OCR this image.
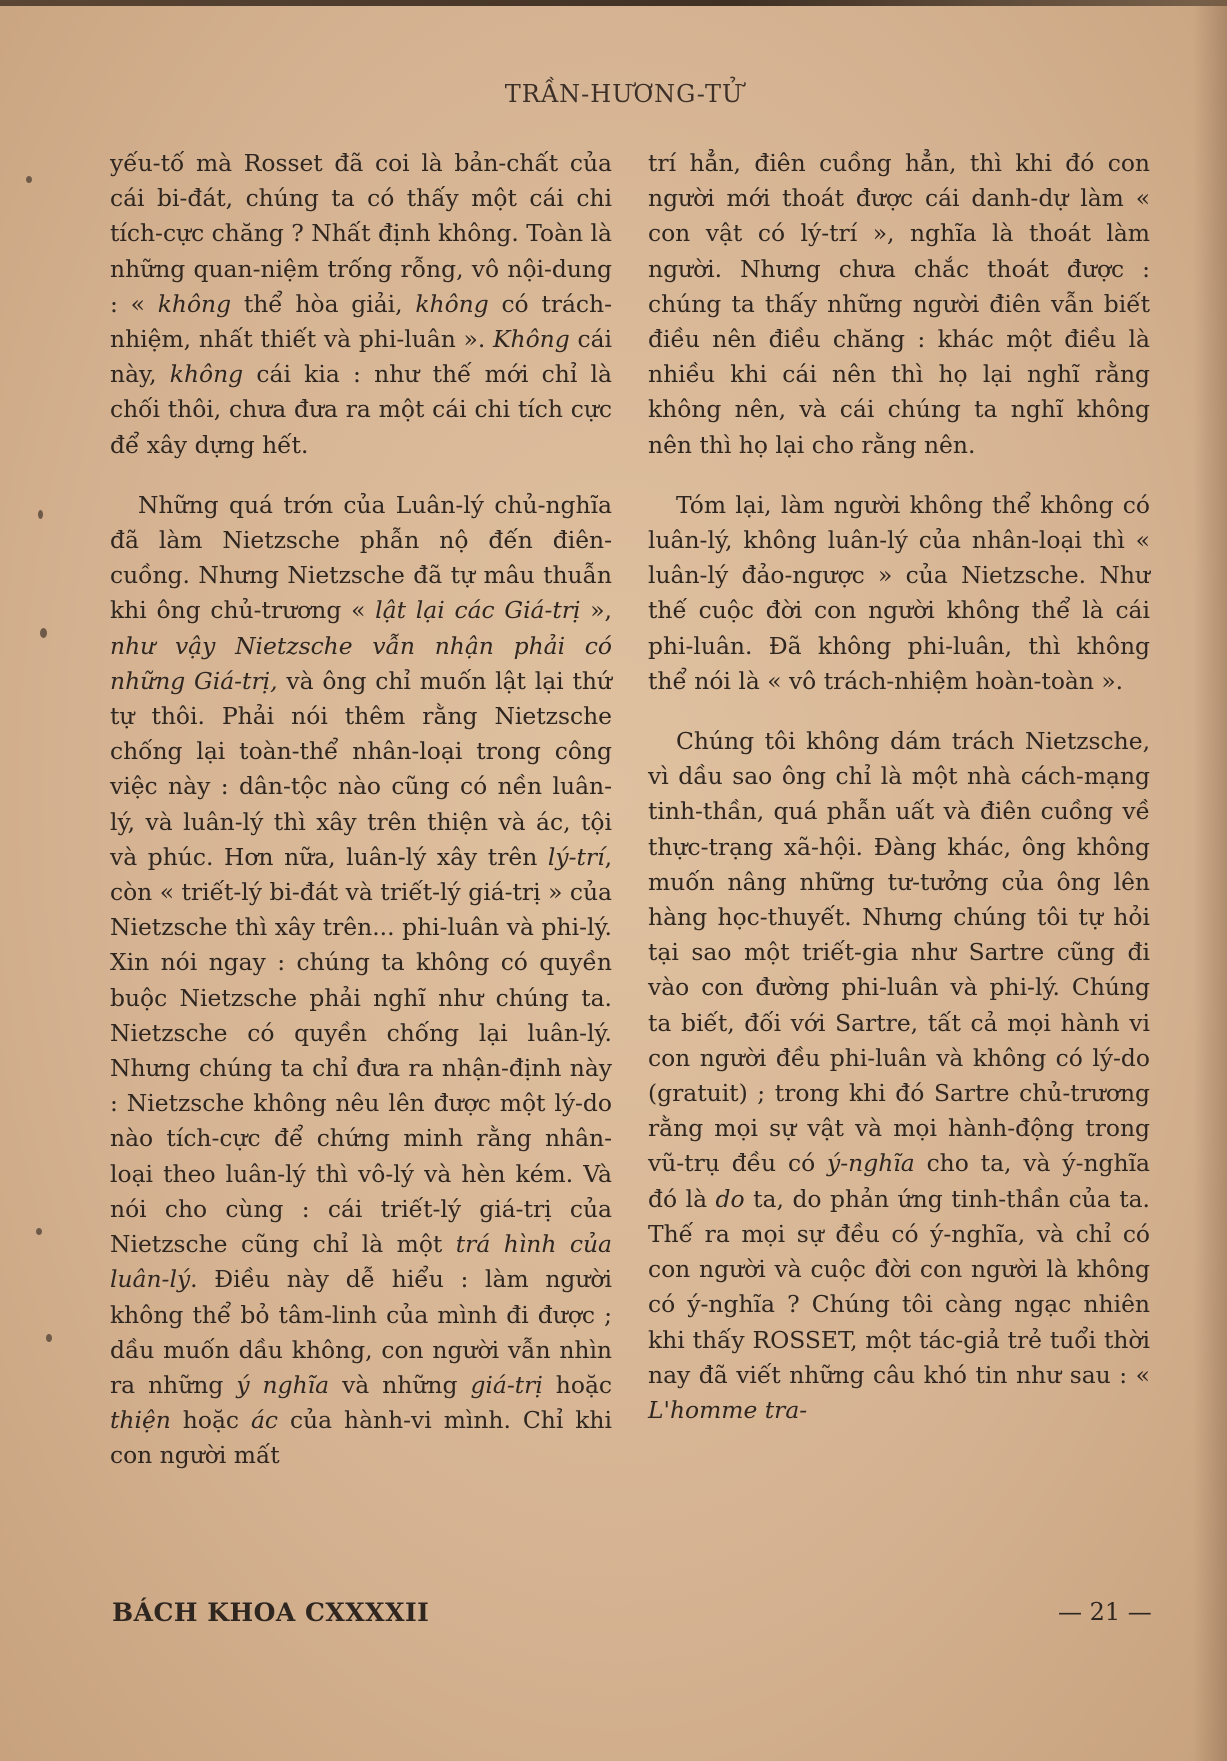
TRẦN-HƯƠNG-TỬ

yếu-tố mà Rosset đã coi là bản-chất của cái bi-đát, chúng ta có thấy một cái chi tích-cực chăng ? Nhất định không. Toàn là những quan-niệm trống rỗng, vô nội-dung : « không thể hòa giải, không có trách-nhiệm, nhất thiết và phi-luân ». Không cái này, không cái kia : như thế mới chỉ là chối thôi, chưa đưa ra một cái chi tích cực để xây dựng hết.

Những quá trớn của Luân-lý chủ-nghĩa đã làm Nietzsche phẫn nộ đến điên-cuồng. Nhưng Nietzsche đã tự mâu thuẫn khi ông chủ-trương « lật lại các Giá-trị », như vậy Nietzsche vẫn nhận phải có những Giá-trị, và ông chỉ muốn lật lại thứ tự thôi. Phải nói thêm rằng Nietzsche chống lại toàn-thể nhân-loại trong công việc này : dân-tộc nào cũng có nền luân-lý, và luân-lý thì xây trên thiện và ác, tội và phúc. Hơn nữa, luân-lý xây trên lý-trí, còn « triết-lý bi-đát và triết-lý giá-trị » của Nietzsche thì xây trên... phi-luân và phi-lý. Xin nói ngay : chúng ta không có quyền buộc Nietzsche phải nghĩ như chúng ta. Nietzsche có quyền chống lại luân-lý. Nhưng chúng ta chỉ đưa ra nhận-định này : Nietzsche không nêu lên được một lý-do nào tích-cực để chứng minh rằng nhân-loại theo luân-lý thì vô-lý và hèn kém. Và nói cho cùng : cái triết-lý giá-trị của Nietzsche cũng chỉ là một trá hình của luân-lý. Điều này dễ hiểu : làm người không thể bỏ tâm-linh của mình đi được ; dầu muốn dầu không, con người vẫn nhìn ra những ý nghĩa và những giá-trị hoặc thiện hoặc ác của hành-vi mình. Chỉ khi con người mất

trí hẳn, điên cuồng hẳn, thì khi đó con người mới thoát được cái danh-dự làm « con vật có lý-trí », nghĩa là thoát làm người. Nhưng chưa chắc thoát được : chúng ta thấy những người điên vẫn biết điều nên điều chăng : khác một điều là nhiều khi cái nên thì họ lại nghĩ rằng không nên, và cái chúng ta nghĩ không nên thì họ lại cho rằng nên.

Tóm lại, làm người không thể không có luân-lý, không luân-lý của nhân-loại thì « luân-lý đảo-ngược » của Nietzsche. Như thế cuộc đời con người không thể là cái phi-luân. Đã không phi-luân, thì không thể nói là « vô trách-nhiệm hoàn-toàn ».

Chúng tôi không dám trách Nietzsche, vì dầu sao ông chỉ là một nhà cách-mạng tinh-thần, quá phẫn uất và điên cuồng về thực-trạng xã-hội. Đàng khác, ông không muốn nâng những tư-tưởng của ông lên hàng học-thuyết. Nhưng chúng tôi tự hỏi tại sao một triết-gia như Sartre cũng đi vào con đường phi-luân và phi-lý. Chúng ta biết, đối với Sartre, tất cả mọi hành vi con người đều phi-luân và không có lý-do (gratuit) ; trong khi đó Sartre chủ-trương rằng mọi sự vật và mọi hành-động trong vũ-trụ đều có ý-nghĩa cho ta, và ý-nghĩa đó là do ta, do phản ứng tinh-thần của ta. Thế ra mọi sự đều có ý-nghĩa, và chỉ có con người và cuộc đời con người là không có ý-nghĩa ? Chúng tôi càng ngạc nhiên khi thấy ROSSET, một tác-giả trẻ tuổi thời nay đã viết những câu khó tin như sau : « L'homme tra-

BÁCH KHOA CXXXXII	— 21 —
